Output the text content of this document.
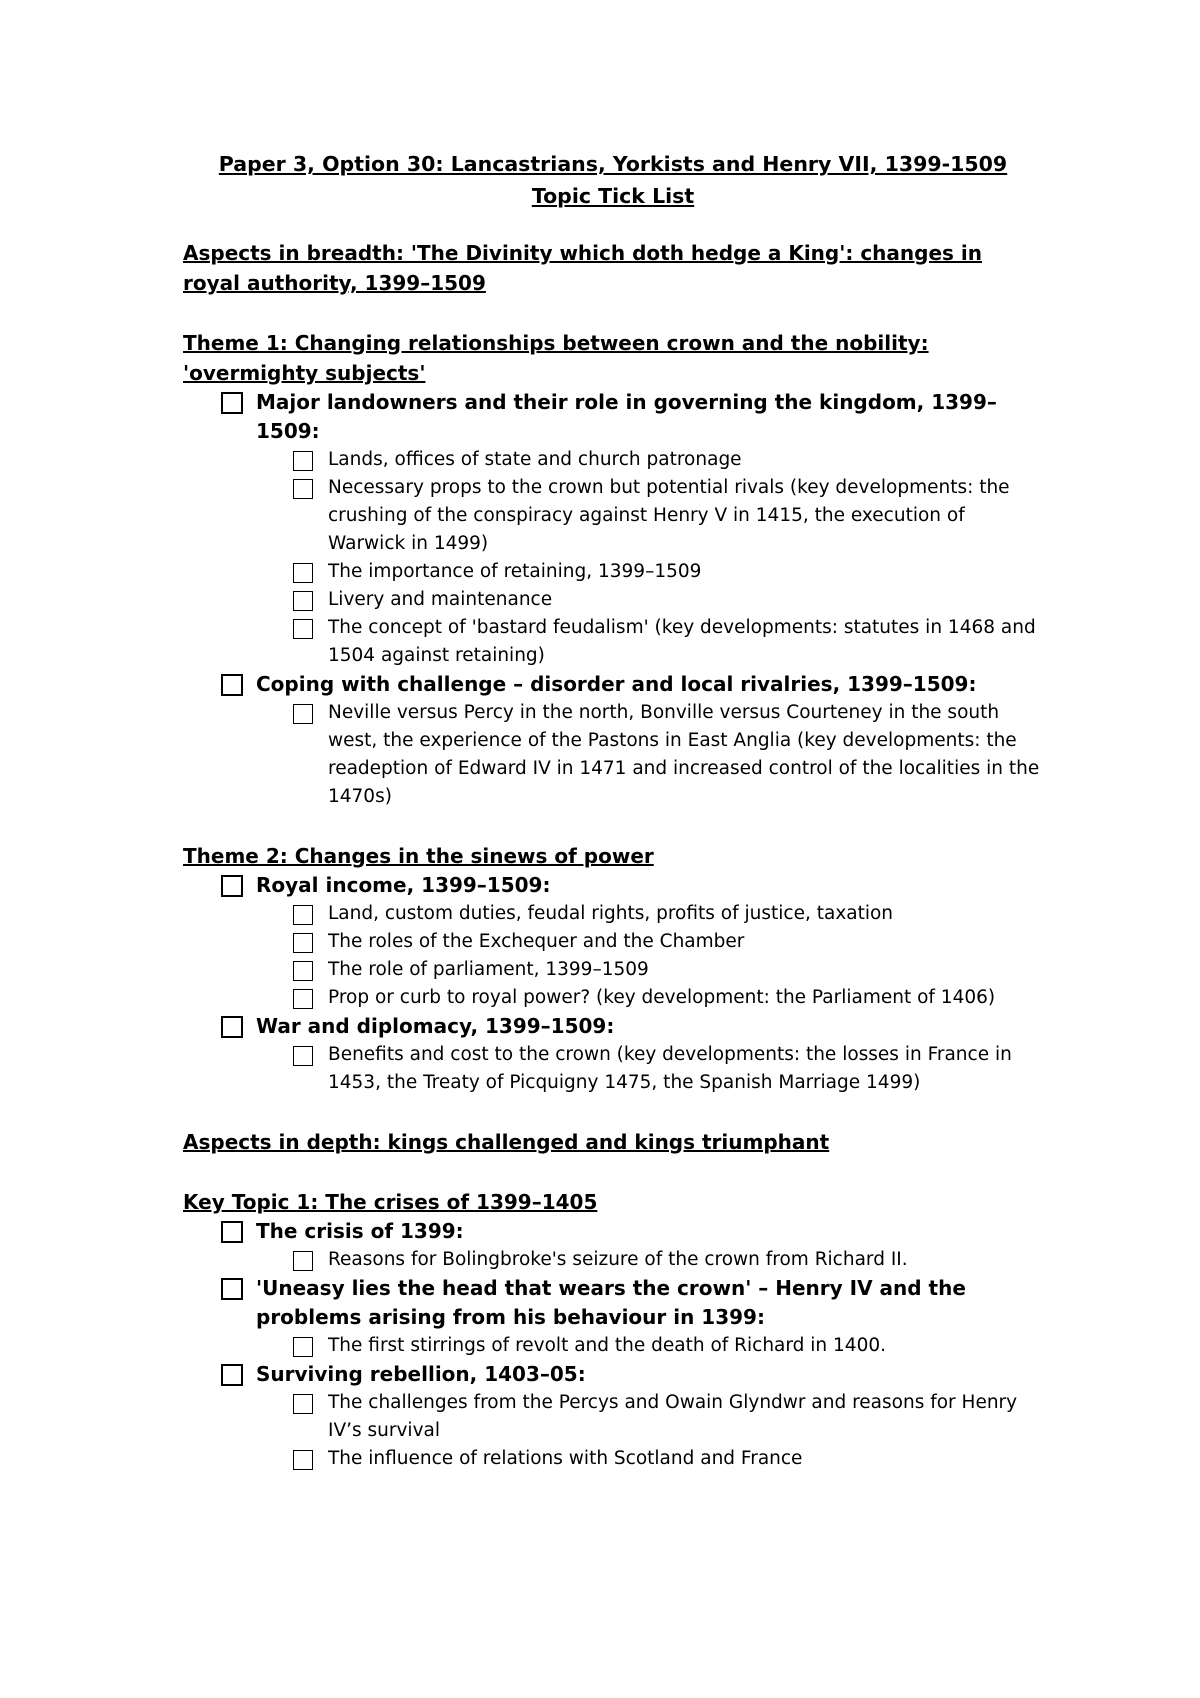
Paper 3, Option 30: Lancastrians, Yorkists and Henry VII, 1399-1509
Topic Tick List
Aspects in breadth: 'The Divinity which doth hedge a King': changes in royal authority, 1399–1509
Theme 1: Changing relationships between crown and the nobility: 'overmighty subjects'
Major landowners and their role in governing the kingdom, 1399–1509:
Lands, offices of state and church patronage
Necessary props to the crown but potential rivals (key developments: the crushing of the conspiracy against Henry V in 1415, the execution of Warwick in 1499)
The importance of retaining, 1399–1509
Livery and maintenance
The concept of 'bastard feudalism' (key developments: statutes in 1468 and 1504 against retaining)
Coping with challenge – disorder and local rivalries, 1399–1509:
Neville versus Percy in the north, Bonville versus Courteney in the south west, the experience of the Pastons in East Anglia (key developments: the readeption of Edward IV in 1471 and increased control of the localities in the 1470s)
Theme 2: Changes in the sinews of power
Royal income, 1399–1509:
Land, custom duties, feudal rights, profits of justice, taxation
The roles of the Exchequer and the Chamber
The role of parliament, 1399–1509
Prop or curb to royal power? (key development: the Parliament of 1406)
War and diplomacy, 1399–1509:
Benefits and cost to the crown (key developments: the losses in France in 1453, the Treaty of Picquigny 1475, the Spanish Marriage 1499)
Aspects in depth: kings challenged and kings triumphant
Key Topic 1: The crises of 1399–1405
The crisis of 1399:
Reasons for Bolingbroke's seizure of the crown from Richard II.
'Uneasy lies the head that wears the crown' – Henry IV and the problems arising from his behaviour in 1399:
The first stirrings of revolt and the death of Richard in 1400.
Surviving rebellion, 1403–05:
The challenges from the Percys and Owain Glyndwr and reasons for Henry IV’s survival
The influence of relations with Scotland and France
